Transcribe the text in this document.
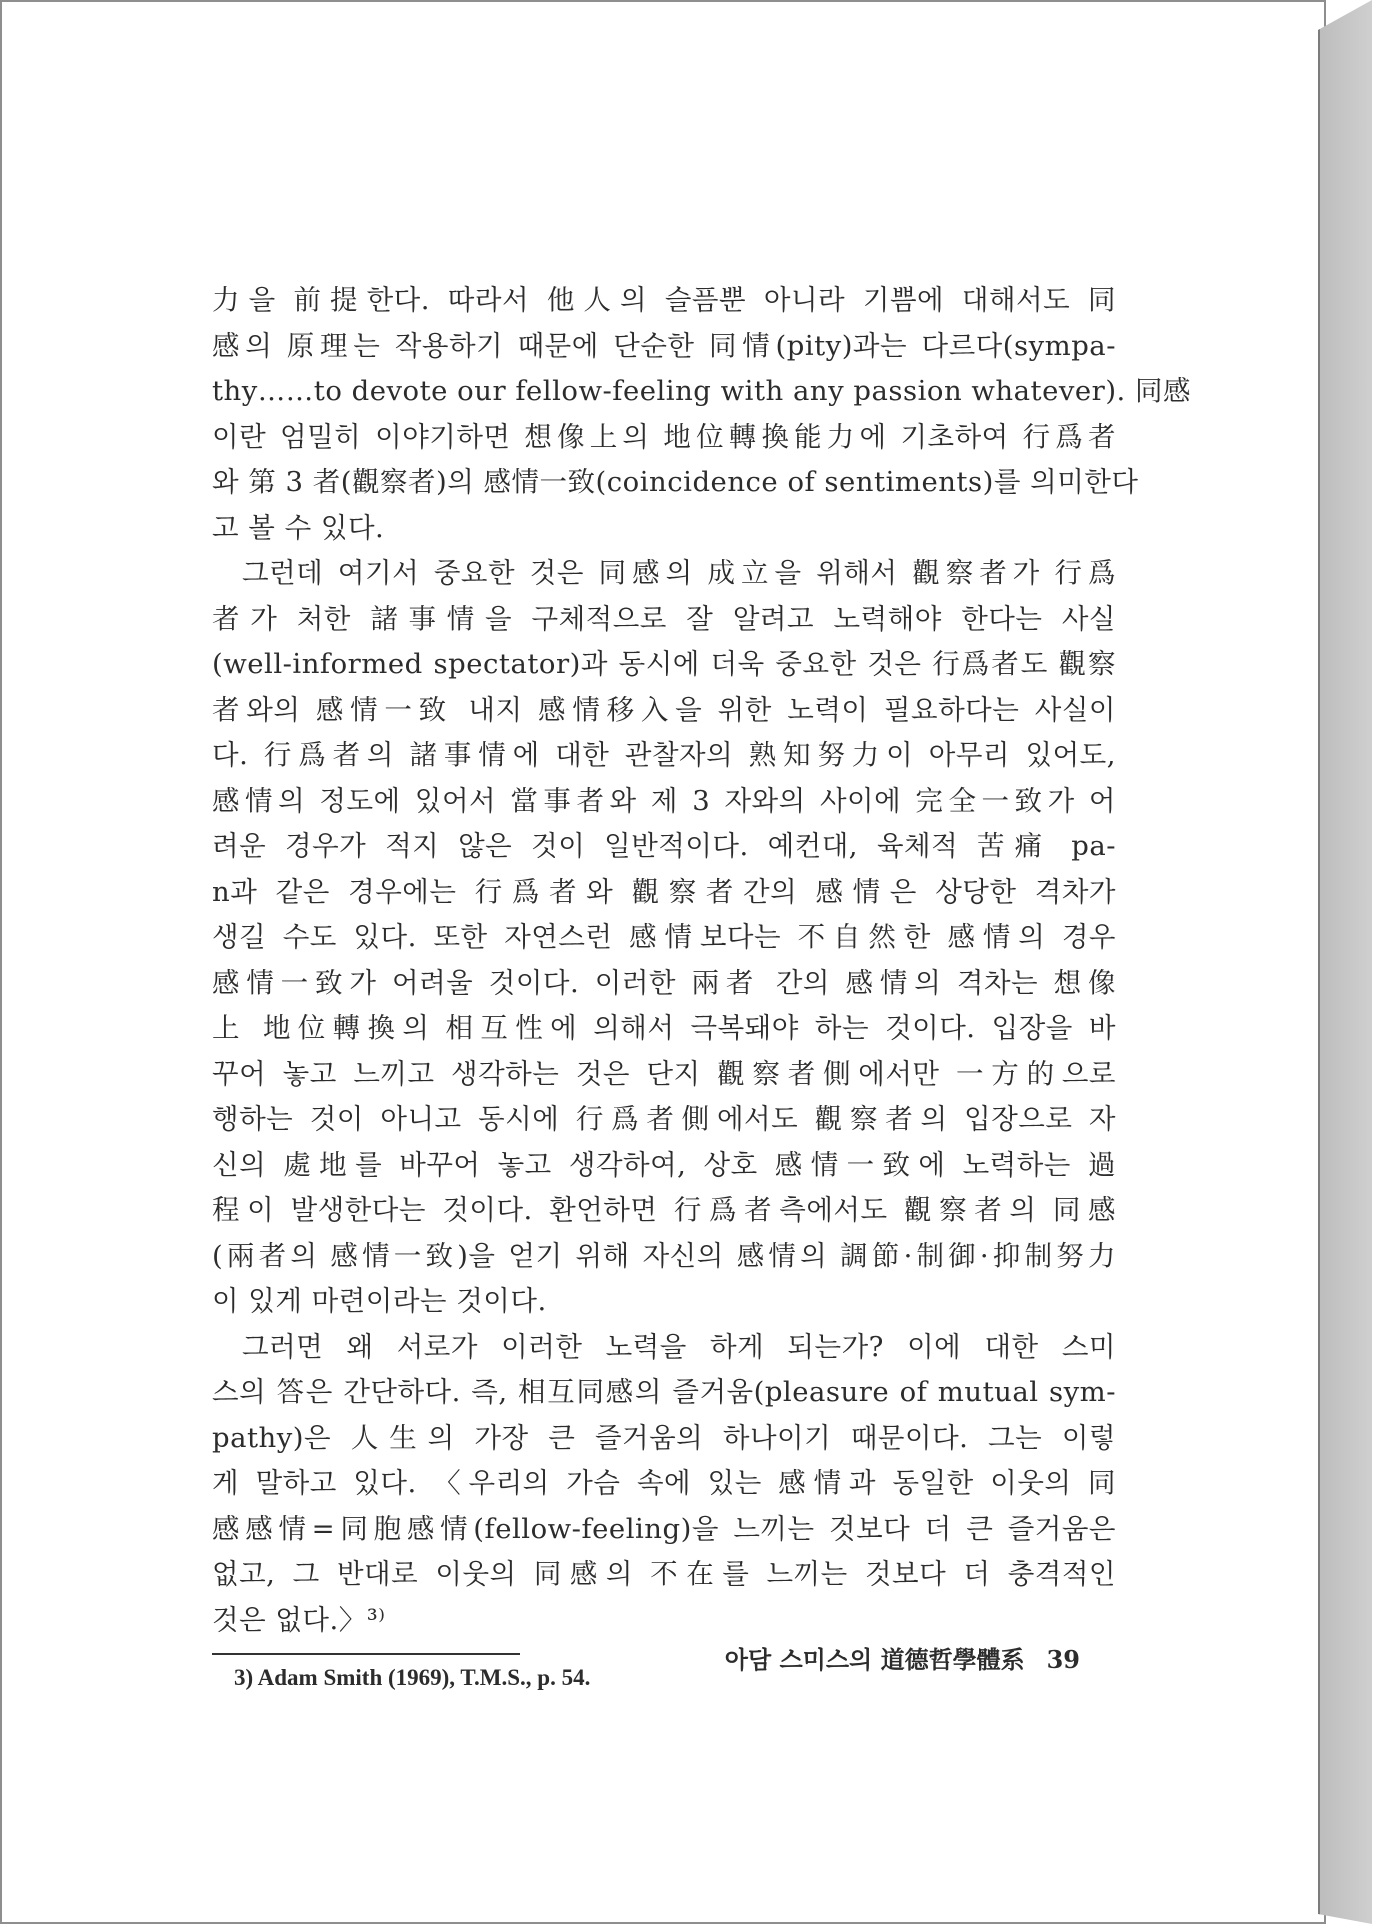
力을 前提한다. 따라서 他人의 슬픔뿐 아니라 기쁨에 대해서도 同
感의 原理는 작용하기 때문에 단순한 同情(pity)과는 다르다(sympa-
thy……to devote our fellow-feeling with any passion whatever). 同感
이란 엄밀히 이야기하면 想像上의 地位轉換能力에 기초하여 行爲者
와 第 3 者(觀察者)의 感情一致(coincidence of sentiments)를 의미한다
고 볼 수 있다.
그런데 여기서 중요한 것은 同感의 成立을 위해서 觀察者가 行爲
者가 처한 諸事情을 구체적으로 잘 알려고 노력해야 한다는 사실
(well-informed spectator)과 동시에 더욱 중요한 것은 行爲者도 觀察
者와의 感情一致 내지 感情移入을 위한 노력이 필요하다는 사실이
다. 行爲者의 諸事情에 대한 관찰자의 熟知努力이 아무리 있어도,
感情의 정도에 있어서 當事者와 제 3 자와의 사이에 完全一致가 어
려운 경우가 적지 않은 것이 일반적이다. 예컨대, 육체적 苦痛 pa-
n과 같은 경우에는 行爲者와 觀察者간의 感情은 상당한 격차가
생길 수도 있다. 또한 자연스런 感情보다는 不自然한 感情의 경우
感情一致가 어려울 것이다. 이러한 兩者 간의 感情의 격차는 想像
上 地位轉換의 相互性에 의해서 극복돼야 하는 것이다. 입장을 바
꾸어 놓고 느끼고 생각하는 것은 단지 觀察者側에서만 一方的으로
행하는 것이 아니고 동시에 行爲者側에서도 觀察者의 입장으로 자
신의 處地를 바꾸어 놓고 생각하여, 상호 感情一致에 노력하는 過
程이 발생한다는 것이다. 환언하면 行爲者측에서도 觀察者의 同感
(兩者의 感情一致)을 얻기 위해 자신의 感情의 調節·制御·抑制努力
이 있게 마련이라는 것이다.
그러면 왜 서로가 이러한 노력을 하게 되는가? 이에 대한 스미
스의 答은 간단하다. 즉, 相互同感의 즐거움(pleasure of mutual sym-
pathy)은 人生의 가장 큰 즐거움의 하나이기 때문이다. 그는 이렇
게 말하고 있다. 〈우리의 가슴 속에 있는 感情과 동일한 이웃의 同
感感情=同胞感情(fellow-feeling)을 느끼는 것보다 더 큰 즐거움은
없고, 그 반대로 이웃의 同感의 不在를 느끼는 것보다 더 충격적인
것은 없다.〉³⁾
3) Adam Smith (1969), T.M.S., p. 54.
아담 스미스의 道德哲學體系 39
